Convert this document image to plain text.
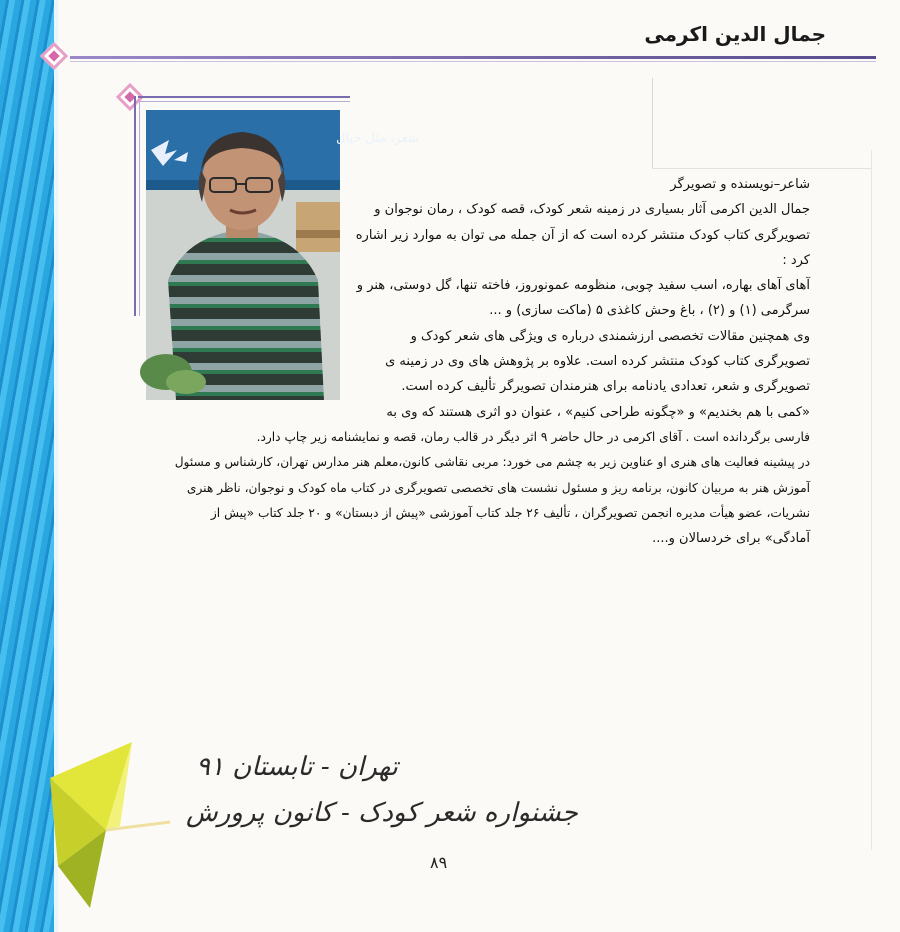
جمال الدین اکرمی
شعر، مثل خیال
شاعر–نویسنده و تصویرگر
جمال الدین اکرمی آثار بسیاری در زمینه شعر کودک، قصه کودک ، رمان نوجوان و
تصویرگری کتاب کودک منتشر کرده است که از آن جمله می توان به موارد زیر اشاره
کرد :
آهای آهای بهاره، اسب سفید چوبی، منظومه عمونوروز، فاخته تنها، گل دوستی، هنر و
سرگرمی (۱) و (۲) ، باغ وحش کاغذی ۵ (ماکت سازی) و ...
وی همچنین مقالات تخصصی ارزشمندی درباره ی ویژگی های شعر کودک و
تصویرگری کتاب کودک منتشر کرده است. علاوه بر پژوهش های وی در زمینه ی
تصویرگری و شعر، تعدادی یادنامه برای هنرمندان تصویرگر تألیف کرده است.
«کمی با هم بخندیم» و «چگونه طراحی کنیم» ، عنوان دو اثری هستند که وی به
فارسی برگردانده است . آقای اکرمی در حال حاضر ۹ اثر دیگر در قالب رمان، قصه و نمایشنامه زیر چاپ دارد.
در پیشینه فعالیت های هنری او عناوین زیر به چشم می خورد: مربی نقاشی کانون،معلم هنر مدارس تهران، کارشناس و مسئول
آموزش هنر به مربیان کانون، برنامه ریز و مسئول نشست های تخصصی تصویرگری در کتاب ماه کودک و نوجوان، ناظر هنری
نشریات، عضو هیأت مدیره انجمن تصویرگران ، تألیف ۲۶ جلد کتاب آموزشی «پیش از دبستان» و ۲۰ جلد کتاب «پیش از
آمادگی» برای خردسالان و....
تهران - تابستان ۹۱
جشنواره شعر کودک - کانون پرورش
۸۹
